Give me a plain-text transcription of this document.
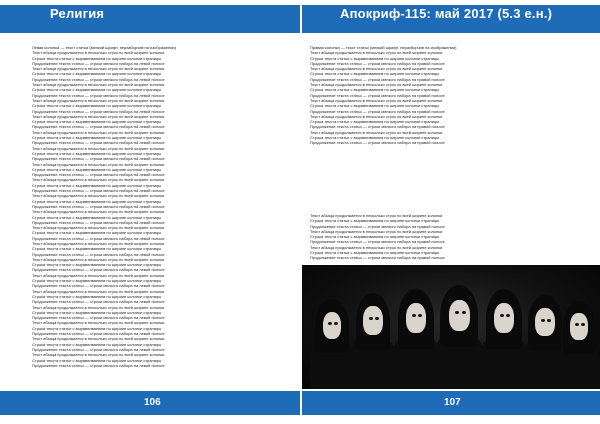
Религия	Апокриф-115: май 2017 (5.3 е.н.)
Левая колонка — текст статьи (мелкий шрифт, неразборчив на изображении)
Текст абзаца продолжается в несколько строк по всей ширине колонки
Строка текста статьи с выравниванием по ширине колонки страницы
Продолжение текста статьи — строки мелкого набора на левой полосе
Текст абзаца продолжается в несколько строк по всей ширине колонки
Строка текста статьи с выравниванием по ширине колонки страницы
Продолжение текста статьи — строки мелкого набора на левой полосе
Текст абзаца продолжается в несколько строк по всей ширине колонки
Строка текста статьи с выравниванием по ширине колонки страницы
Продолжение текста статьи — строки мелкого набора на левой полосе
Текст абзаца продолжается в несколько строк по всей ширине колонки
Строка текста статьи с выравниванием по ширине колонки страницы
Продолжение текста статьи — строки мелкого набора на левой полосе
Текст абзаца продолжается в несколько строк по всей ширине колонки
Строка текста статьи с выравниванием по ширине колонки страницы
Продолжение текста статьи — строки мелкого набора на левой полосе
Текст абзаца продолжается в несколько строк по всей ширине колонки
Строка текста статьи с выравниванием по ширине колонки страницы
Продолжение текста статьи — строки мелкого набора на левой полосе
Текст абзаца продолжается в несколько строк по всей ширине колонки
Строка текста статьи с выравниванием по ширине колонки страницы
Продолжение текста статьи — строки мелкого набора на левой полосе
Текст абзаца продолжается в несколько строк по всей ширине колонки
Строка текста статьи с выравниванием по ширине колонки страницы
Продолжение текста статьи — строки мелкого набора на левой полосе
Текст абзаца продолжается в несколько строк по всей ширине колонки
Строка текста статьи с выравниванием по ширине колонки страницы
Продолжение текста статьи — строки мелкого набора на левой полосе
Текст абзаца продолжается в несколько строк по всей ширине колонки
Строка текста статьи с выравниванием по ширине колонки страницы
Продолжение текста статьи — строки мелкого набора на левой полосе
Текст абзаца продолжается в несколько строк по всей ширине колонки
Строка текста статьи с выравниванием по ширине колонки страницы
Продолжение текста статьи — строки мелкого набора на левой полосе
Текст абзаца продолжается в несколько строк по всей ширине колонки
Строка текста статьи с выравниванием по ширине колонки страницы
Продолжение текста статьи — строки мелкого набора на левой полосе
Текст абзаца продолжается в несколько строк по всей ширине колонки
Строка текста статьи с выравниванием по ширине колонки страницы
Продолжение текста статьи — строки мелкого набора на левой полосе
Текст абзаца продолжается в несколько строк по всей ширине колонки
Строка текста статьи с выравниванием по ширине колонки страницы
Продолжение текста статьи — строки мелкого набора на левой полосе
Текст абзаца продолжается в несколько строк по всей ширине колонки
Строка текста статьи с выравниванием по ширине колонки страницы
Продолжение текста статьи — строки мелкого набора на левой полосе
Текст абзаца продолжается в несколько строк по всей ширине колонки
Строка текста статьи с выравниванием по ширине колонки страницы
Продолжение текста статьи — строки мелкого набора на левой полосе
Текст абзаца продолжается в несколько строк по всей ширине колонки
Строка текста статьи с выравниванием по ширине колонки страницы
Продолжение текста статьи — строки мелкого набора на левой полосе
Текст абзаца продолжается в несколько строк по всей ширине колонки
Строка текста статьи с выравниванием по ширине колонки страницы
Продолжение текста статьи — строки мелкого набора на левой полосе
Текст абзаца продолжается в несколько строк по всей ширине колонки
Строка текста статьи с выравниванием по ширине колонки страницы
Продолжение текста статьи — строки мелкого набора на левой полосе
Текст абзаца продолжается в несколько строк по всей ширине колонки
Строка текста статьи с выравниванием по ширине колонки страницы
Продолжение текста статьи — строки мелкого набора на левой полосе
Правая колонка — текст статьи (мелкий шрифт, неразборчив на изображении)
Текст абзаца продолжается в несколько строк по всей ширине колонки
Строка текста статьи с выравниванием по ширине колонки страницы
Продолжение текста статьи — строки мелкого набора на правой полосе
Текст абзаца продолжается в несколько строк по всей ширине колонки
Строка текста статьи с выравниванием по ширине колонки страницы
Продолжение текста статьи — строки мелкого набора на правой полосе
Текст абзаца продолжается в несколько строк по всей ширине колонки
Строка текста статьи с выравниванием по ширине колонки страницы
Продолжение текста статьи — строки мелкого набора на правой полосе
Текст абзаца продолжается в несколько строк по всей ширине колонки
Строка текста статьи с выравниванием по ширине колонки страницы
Продолжение текста статьи — строки мелкого набора на правой полосе
Текст абзаца продолжается в несколько строк по всей ширине колонки
Строка текста статьи с выравниванием по ширине колонки страницы
Продолжение текста статьи — строки мелкого набора на правой полосе
Текст абзаца продолжается в несколько строк по всей ширине колонки
Строка текста статьи с выравниванием по ширине колонки страницы
Продолжение текста статьи — строки мелкого набора на правой полосе
Текст абзаца продолжается в несколько строк по всей ширине колонки
Строка текста статьи с выравниванием по ширине колонки страницы
Продолжение текста статьи — строки мелкого набора на правой полосе
Текст абзаца продолжается в несколько строк по всей ширине колонки
Строка текста статьи с выравниванием по ширине колонки страницы
Продолжение текста статьи — строки мелкого набора на правой полосе
Текст абзаца продолжается в несколько строк по всей ширине колонки
Строка текста статьи с выравниванием по ширине колонки страницы
Продолжение текста статьи — строки мелкого набора на правой полосе
106	107
